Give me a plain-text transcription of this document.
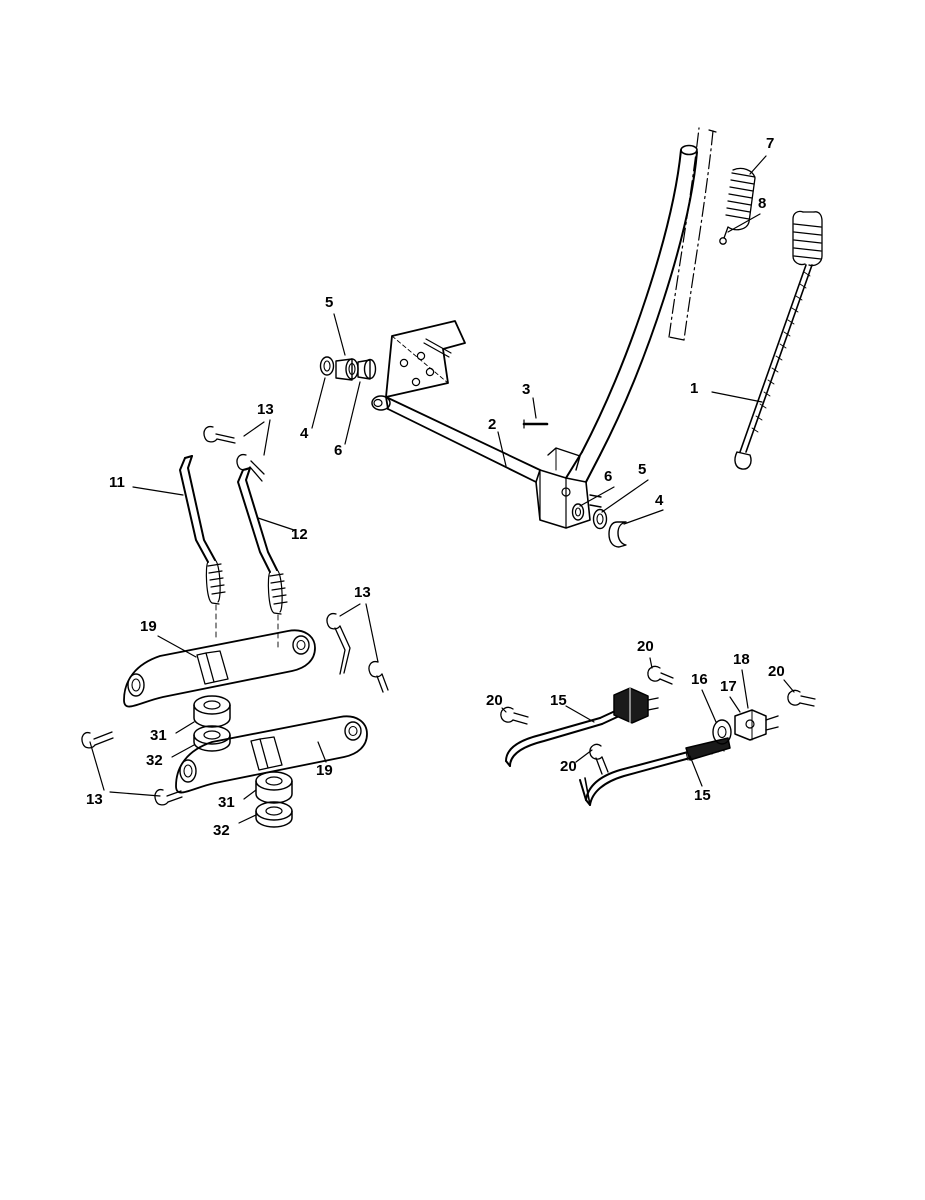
7
8
1
5
3
4
6
2
13
11
12
6 5
4
13
19
31
32
19
31
32
13
20
18
20
16 17
20	15
20
15
